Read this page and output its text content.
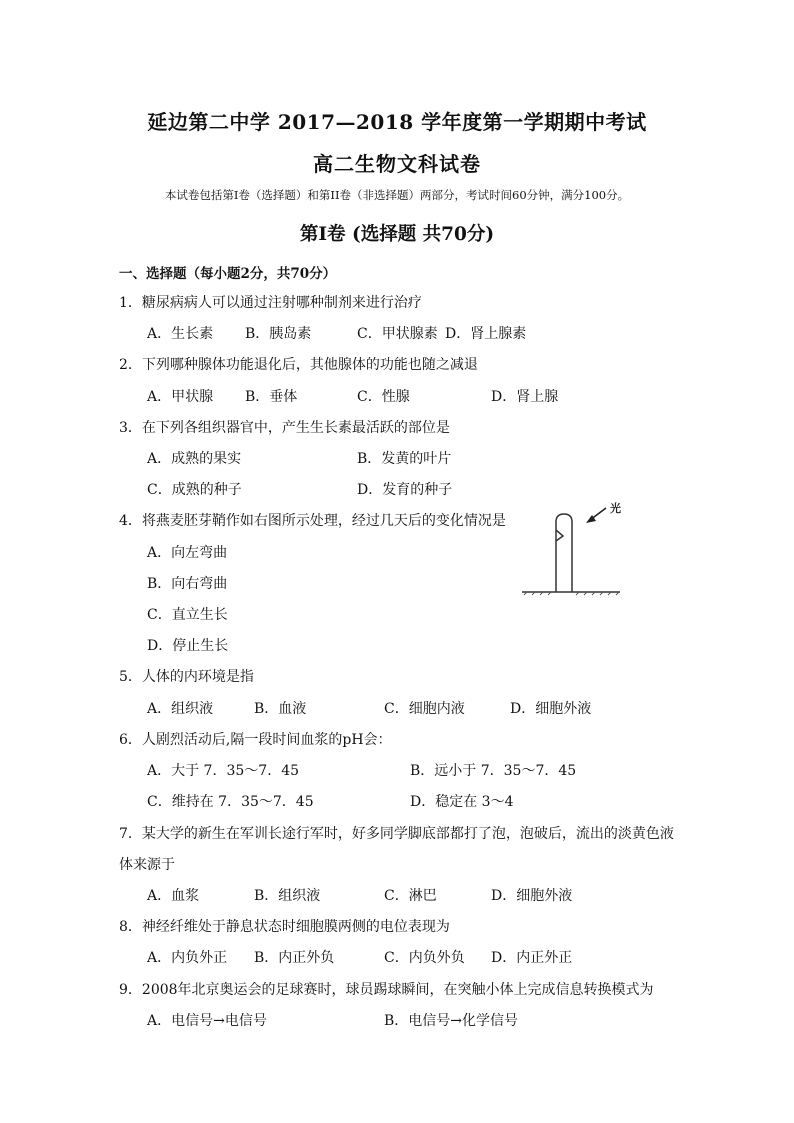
延边第二中学 2017—2018 学年度第一学期期中考试
高二生物文科试卷
本试卷包括第I卷（选择题）和第II卷（非选择题）两部分，考试时间60分钟，满分100分。
第Ⅰ卷 (选择题 共70分)
一、选择题（每小题2分，共70分）
1．糖尿病病人可以通过注射哪种制剂来进行治疗
A．生长素 B．胰岛素	C．甲状腺素 D．肾上腺素
2．下列哪种腺体功能退化后，其他腺体的功能也随之减退
A．甲状腺 B．垂体	C．性腺	D．肾上腺
3．在下列各组织器官中，产生生长素最活跃的部位是
A．成熟的果实	B．发黄的叶片
C．成熟的种子	D．发育的种子
4．将燕麦胚芽鞘作如右图所示处理，经过几天后的变化情况是
A．向左弯曲
B．向右弯曲
C．直立生长
D．停止生长
光
5．人体的内环境是指
A．组织液	B．血液	C．细胞内液	D．细胞外液
6．人剧烈活动后,隔一段时间血浆的pH会：
A．大于 7．35～7．45	B．远小于 7．35～7．45
C．维持在 7．35～7．45	D．稳定在 3～4
7．某大学的新生在军训长途行军时，好多同学脚底部都打了泡，泡破后，流出的淡黄色液
体来源于
A．血浆	B．组织液	C．淋巴	D．细胞外液
8．神经纤维处于静息状态时细胞膜两侧的电位表现为
A．内负外正 B．内正外负	C．内负外负 D．内正外正
9．2008年北京奥运会的足球赛时，球员踢球瞬间，在突触小体上完成信息转换模式为
A．电信号→电信号	B．电信号→化学信号
